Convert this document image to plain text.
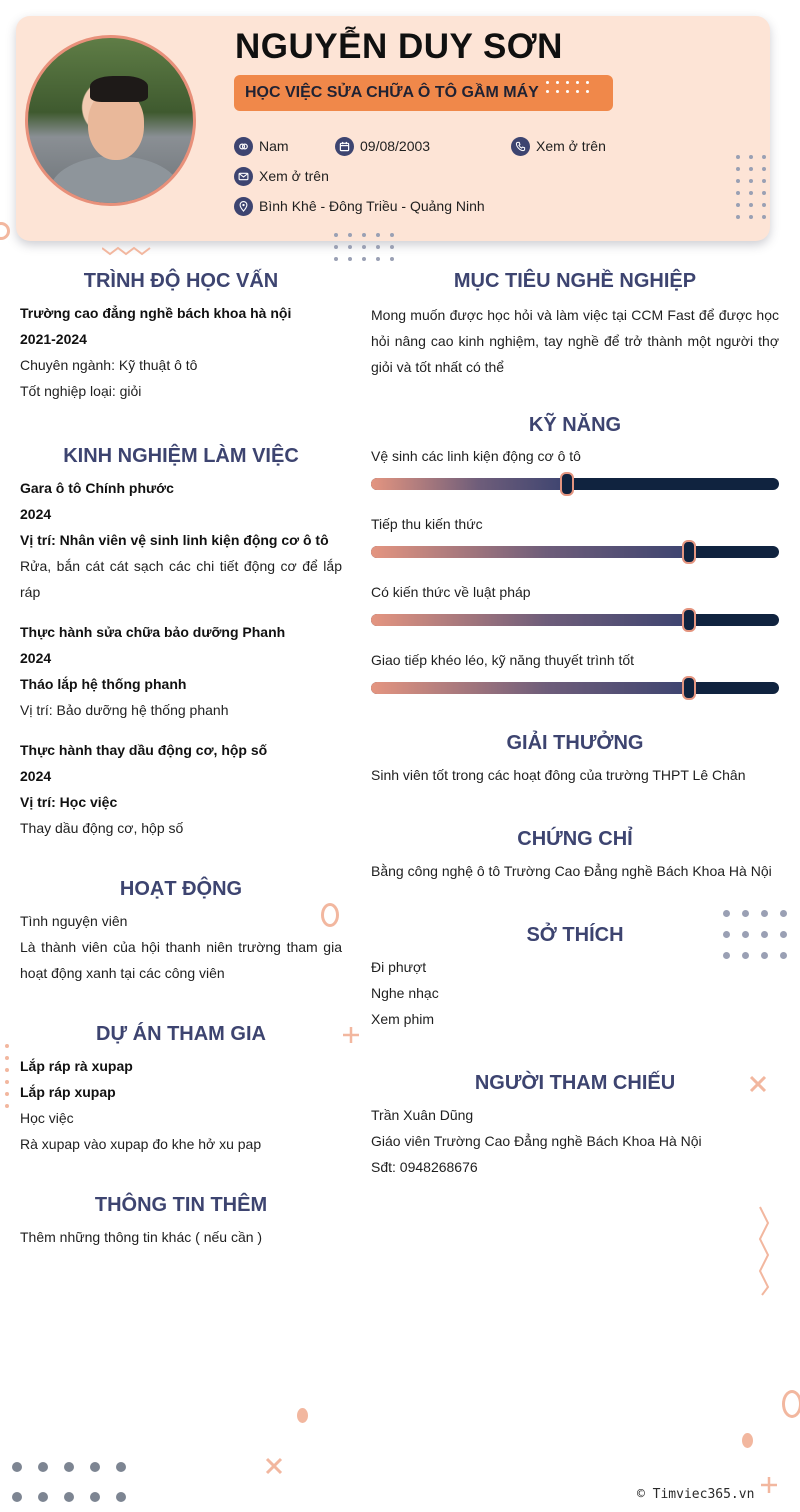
NGUYỄN DUY SƠN
HỌC VIỆC SỬA CHỮA Ô TÔ GẦM MÁY
Nam	09/08/2003	Xem ở trên
Xem ở trên
Bình Khê - Đông Triều - Quảng Ninh
TRÌNH ĐỘ HỌC VẤN
Trường cao đẳng nghề bách khoa hà nội
2021-2024
Chuyên ngành: Kỹ thuật ô tô
Tốt nghiệp loại: giỏi
KINH NGHIỆM LÀM VIỆC
Gara ô tô Chính phước
2024
Vị trí: Nhân viên vệ sinh linh kiện động cơ ô tô
Rửa, bắn cát cát sạch các chi tiết động cơ để lắp ráp
Thực hành sửa chữa bảo dưỡng Phanh
2024
Tháo lắp hệ thống phanh
Vị trí: Bảo dưỡng hệ thống phanh
Thực hành thay dầu động cơ, hộp số
2024
Vị trí: Học việc
Thay dầu động cơ, hộp số
HOẠT ĐỘNG
Tình nguyện viên
Là thành viên của hội thanh niên trường tham gia hoạt động xanh tại các công viên
DỰ ÁN THAM GIA
Lắp ráp rà xupap
Lắp ráp xupap
Học việc
Rà xupap vào xupap đo khe hở xu pap
THÔNG TIN THÊM
Thêm những thông tin khác ( nếu cần )
MỤC TIÊU NGHỀ NGHIỆP
Mong muốn được học hỏi và làm việc tại CCM Fast để được học hỏi nâng cao kinh nghiệm, tay nghề để trở thành một người thợ giỏi và tốt nhất có thể
KỸ NĂNG
Vệ sinh các linh kiện động cơ ô tô
Tiếp thu kiến thức
Có kiến thức về luật pháp
Giao tiếp khéo léo, kỹ năng thuyết trình tốt
GIẢI THƯỞNG
Sinh viên tốt trong các hoạt đông của trường THPT Lê Chân
CHỨNG CHỈ
Bằng công nghệ ô tô Trường Cao Đẳng nghề Bách Khoa Hà Nội
SỞ THÍCH
Đi phượt
Nghe nhạc
Xem phim
NGƯỜI THAM CHIẾU
Trần Xuân Dũng
Giáo viên Trường Cao Đẳng nghề Bách Khoa Hà Nội
Sđt: 0948268676
© Timviec365.vn
